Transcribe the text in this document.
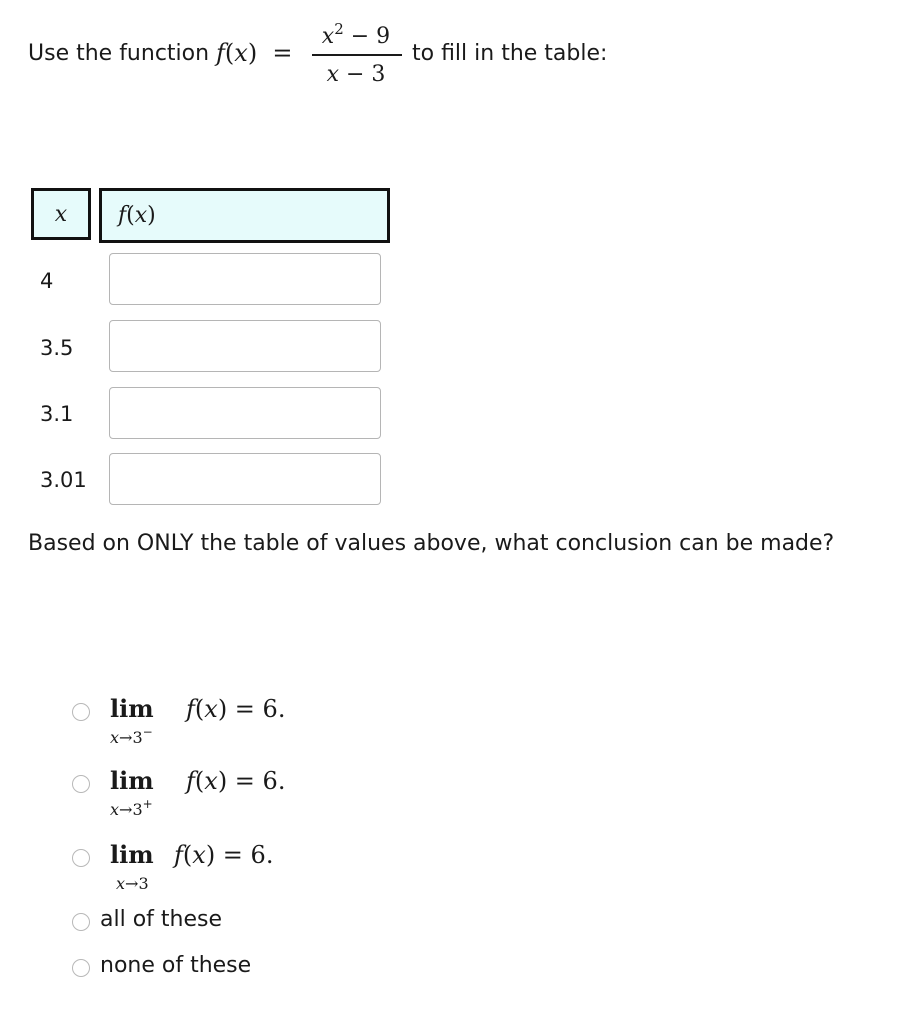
Use the function f(x)  =
$x^2 - 9$
x − 3
to fill in the table:
x	f ( x )
4
3.5
3.1
3.01
Based on ONLY the table of values above, what conclusion can be made?
lim
x→3−
f(x) = 6.
lim
x→3+
f(x) = 6.
lim
x→3
f(x) = 6.
all of these
none of these
